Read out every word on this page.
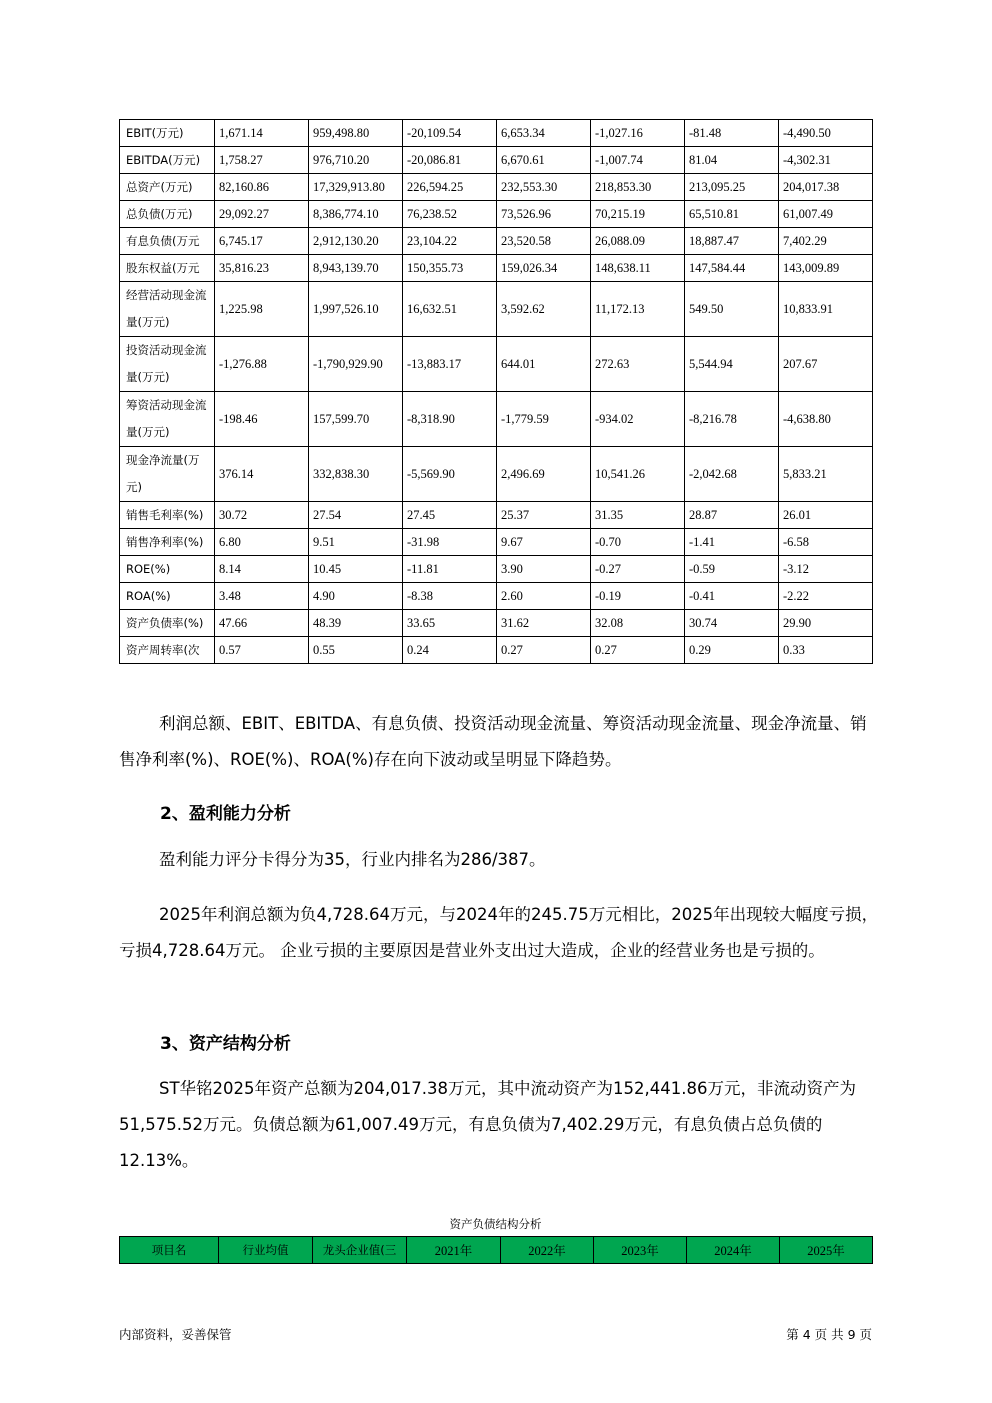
EBIT(万元)	1,671.14	959,498.80	-20,109.54	6,653.34	-1,027.16	-81.48	-4,490.50
EBITDA(万元)	1,758.27	976,710.20	-20,086.81	6,670.61	-1,007.74	81.04	-4,302.31
总资产(万元)	82,160.86	17,329,913.80	226,594.25	232,553.30	218,853.30	213,095.25	204,017.38
总负债(万元)	29,092.27	8,386,774.10	76,238.52	73,526.96	70,215.19	65,510.81	61,007.49
有息负债(万元	6,745.17	2,912,130.20	23,104.22	23,520.58	26,088.09	18,887.47	7,402.29
股东权益(万元	35,816.23	8,943,139.70	150,355.73	159,026.34	148,638.11	147,584.44	143,009.89
经营活动现金流量(万元)	1,225.98	1,997,526.10	16,632.51	3,592.62	11,172.13	549.50	10,833.91
投资活动现金流量(万元)	-1,276.88	-1,790,929.90	-13,883.17	644.01	272.63	5,544.94	207.67
筹资活动现金流量(万元)	-198.46	157,599.70	-8,318.90	-1,779.59	-934.02	-8,216.78	-4,638.80
现金净流量(万元)	376.14	332,838.30	-5,569.90	2,496.69	10,541.26	-2,042.68	5,833.21
销售毛利率(%)	30.72	27.54	27.45	25.37	31.35	28.87	26.01
销售净利率(%)	6.80	9.51	-31.98	9.67	-0.70	-1.41	-6.58
ROE(%)	8.14	10.45	-11.81	3.90	-0.27	-0.59	-3.12
ROA(%)	3.48	4.90	-8.38	2.60	-0.19	-0.41	-2.22
资产负债率(%)	47.66	48.39	33.65	31.62	32.08	30.74	29.90
资产周转率(次	0.57	0.55	0.24	0.27	0.27	0.29	0.33
利润总额、EBIT、EBITDA、有息负债、投资活动现金流量、筹资活动现金流量、现金净流量、销售净利率(%)、ROE(%)、ROA(%)存在向下波动或呈明显下降趋势。
2、盈利能力分析
盈利能力评分卡得分为35，行业内排名为286/387。
2025年利润总额为负4,728.64万元，与2024年的245.75万元相比，2025年出现较大幅度亏损，亏损4,728.64万元。 企业亏损的主要原因是营业外支出过大造成，企业的经营业务也是亏损的。
3、资产结构分析
ST华铭2025年资产总额为204,017.38万元，其中流动资产为152,441.86万元，非流动资产为51,575.52万元。负债总额为61,007.49万元，有息负债为7,402.29万元，有息负债占总负债的12.13%。
资产负债结构分析
项目名	行业均值	龙头企业值(三	2021年	2022年	2023年	2024年	2025年
内部资料，妥善保管	第 4 页 共 9 页
